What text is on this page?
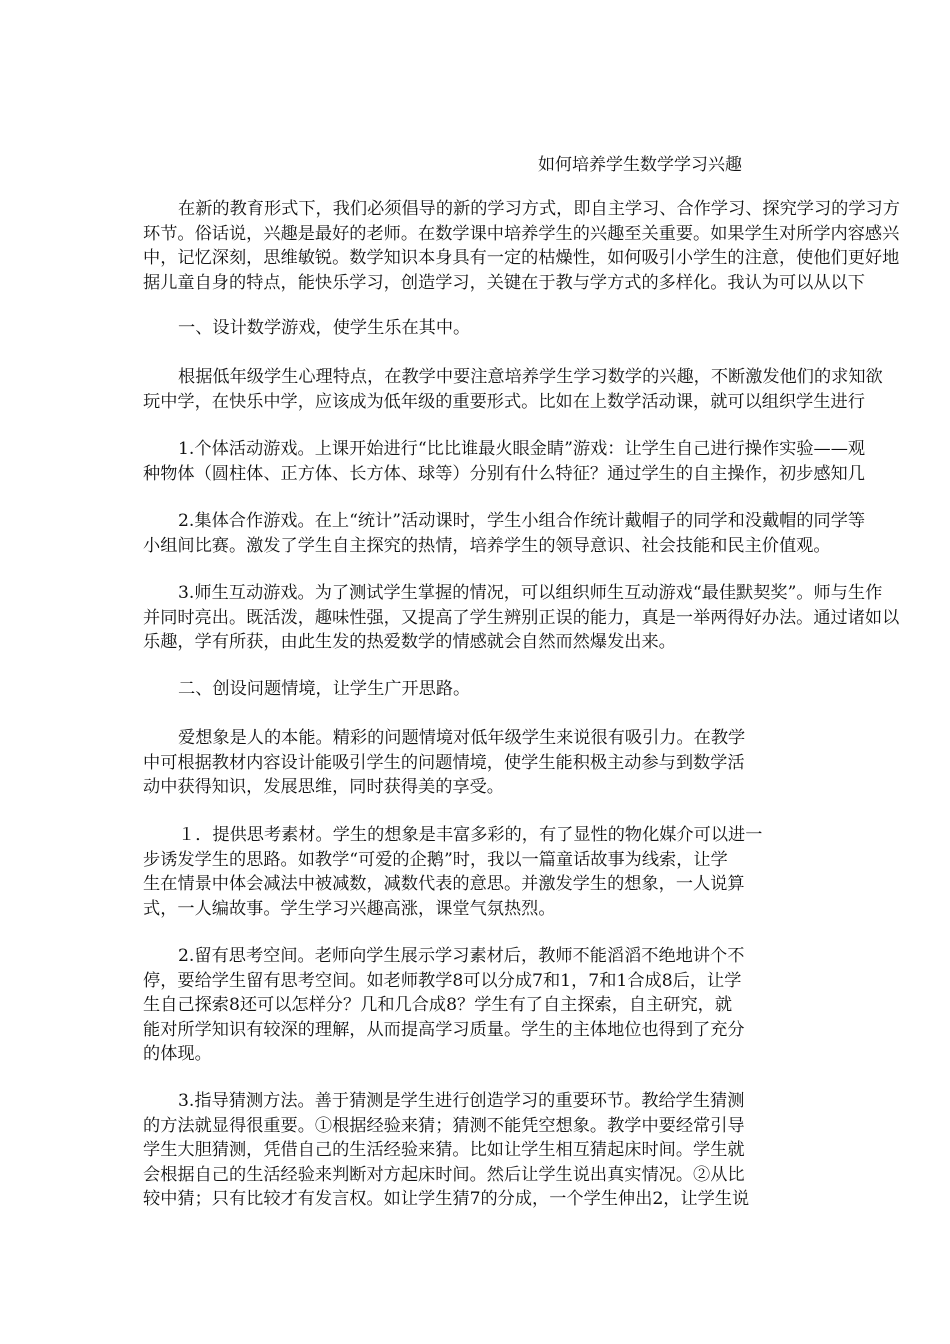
如何培养学生数学学习兴趣
在新的教育形式下，我们必须倡导的新的学习方式，即自主学习、合作学习、探究学习的学习方
环节。俗话说，兴趣是最好的老师。在数学课中培养学生的兴趣至关重要。如果学生对所学内容感兴
中，记忆深刻，思维敏锐。数学知识本身具有一定的枯燥性，如何吸引小学生的注意，使他们更好地
据儿童自身的特点，能快乐学习，创造学习，关键在于教与学方式的多样化。我认为可以从以下
一、设计数学游戏，使学生乐在其中。
根据低年级学生心理特点，在教学中要注意培养学生学习数学的兴趣，不断激发他们的求知欲
玩中学，在快乐中学，应该成为低年级的重要形式。比如在上数学活动课，就可以组织学生进行
1.个体活动游戏。上课开始进行“比比谁最火眼金睛”游戏：让学生自己进行操作实验——观
种物体（圆柱体、正方体、长方体、球等）分别有什么特征？通过学生的自主操作，初步感知几
2.集体合作游戏。在上“统计”活动课时，学生小组合作统计戴帽子的同学和没戴帽的同学等
小组间比赛。激发了学生自主探究的热情，培养学生的领导意识、社会技能和民主价值观。
3.师生互动游戏。为了测试学生掌握的情况，可以组织师生互动游戏“最佳默契奖”。师与生作
并同时亮出。既活泼，趣味性强，又提高了学生辨别正误的能力，真是一举两得好办法。通过诸如以
乐趣，学有所获，由此生发的热爱数学的情感就会自然而然爆发出来。
二、创设问题情境，让学生广开思路。
爱想象是人的本能。精彩的问题情境对低年级学生来说很有吸引力。在教学
中可根据教材内容设计能吸引学生的问题情境，使学生能积极主动参与到数学活
动中获得知识，发展思维，同时获得美的享受。
１．提供思考素材。学生的想象是丰富多彩的，有了显性的物化媒介可以进一
步诱发学生的思路。如教学“可爱的企鹅”时，我以一篇童话故事为线索，让学
生在情景中体会减法中被减数，减数代表的意思。并激发学生的想象，一人说算
式，一人编故事。学生学习兴趣高涨，课堂气氛热烈。
2.留有思考空间。老师向学生展示学习素材后，教师不能滔滔不绝地讲个不
停，要给学生留有思考空间。如老师教学8可以分成7和1，7和1合成8后，让学
生自己探索8还可以怎样分？几和几合成8？学生有了自主探索，自主研究，就
能对所学知识有较深的理解，从而提高学习质量。学生的主体地位也得到了充分
的体现。
3.指导猜测方法。善于猜测是学生进行创造学习的重要环节。教给学生猜测
的方法就显得很重要。①根据经验来猜；猜测不能凭空想象。教学中要经常引导
学生大胆猜测，凭借自己的生活经验来猜。比如让学生相互猜起床时间。学生就
会根据自己的生活经验来判断对方起床时间。然后让学生说出真实情况。②从比
较中猜；只有比较才有发言权。如让学生猜7的分成，一个学生伸出2，让学生说
